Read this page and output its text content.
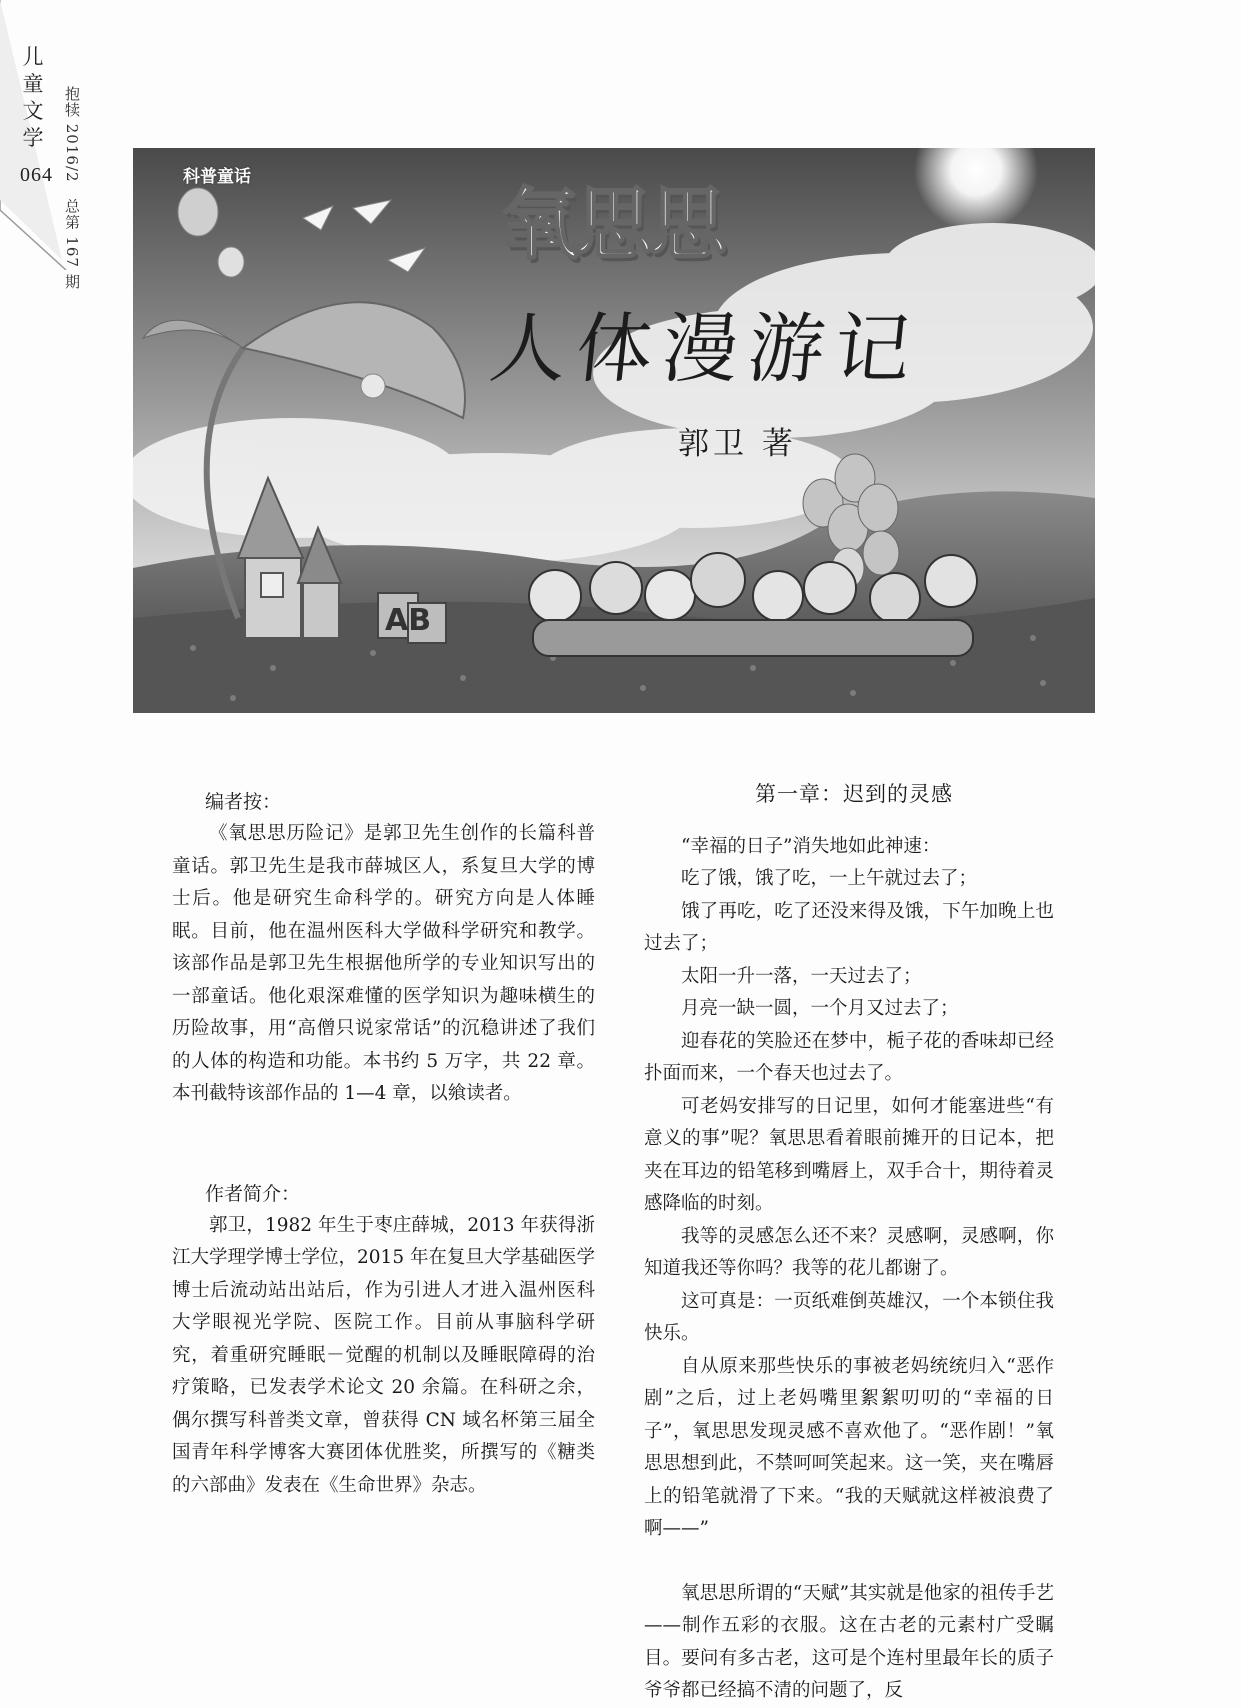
儿童文学
064 抱犊 2016/2总第 167 期
AB
科普童话
氧思思
人体漫游记
郭卫 著
编者按：

《氧思思历险记》是郭卫先生创作的长篇科普童话。郭卫先生是我市薛城区人，系复旦大学的博士后。他是研究生命科学的。研究方向是人体睡眠。目前，他在温州医科大学做科学研究和教学。该部作品是郭卫先生根据他所学的专业知识写出的一部童话。他化艰深难懂的医学知识为趣味横生的历险故事，用“高僧只说家常话”的沉稳讲述了我们的人体的构造和功能。本书约 5 万字，共 22 章。本刊截特该部作品的 1—4 章，以飨读者。

作者简介：

郭卫，1982 年生于枣庄薛城，2013 年获得浙江大学理学博士学位，2015 年在复旦大学基础医学博士后流动站出站后，作为引进人才进入温州医科大学眼视光学院、医院工作。目前从事脑科学研究，着重研究睡眠－觉醒的机制以及睡眠障碍的治疗策略，已发表学术论文 20 余篇。在科研之余，偶尔撰写科普类文章，曾获得 CN 域名杯第三届全国青年科学博客大赛团体优胜奖，所撰写的《糖类的六部曲》发表在《生命世界》杂志。

第一章：迟到的灵感

“幸福的日子”消失地如此神速：

吃了饿，饿了吃，一上午就过去了；

饿了再吃，吃了还没来得及饿，下午加晚上也过去了；

太阳一升一落，一天过去了；

月亮一缺一圆，一个月又过去了；

迎春花的笑脸还在梦中，栀子花的香味却已经扑面而来，一个春天也过去了。

可老妈安排写的日记里，如何才能塞进些“有意义的事”呢？氧思思看着眼前摊开的日记本，把夹在耳边的铅笔移到嘴唇上，双手合十，期待着灵感降临的时刻。

我等的灵感怎么还不来？灵感啊，灵感啊，你知道我还等你吗？我等的花儿都谢了。

这可真是：一页纸难倒英雄汉，一个本锁住我快乐。

自从原来那些快乐的事被老妈统统归入“恶作剧”之后，过上老妈嘴里絮絮叨叨的“幸福的日子”，氧思思发现灵感不喜欢他了。“恶作剧！”氧思思想到此，不禁呵呵笑起来。这一笑，夹在嘴唇上的铅笔就滑了下来。“我的天赋就这样被浪费了啊——”

氧思思所谓的“天赋”其实就是他家的祖传手艺——制作五彩的衣服。这在古老的元素村广受瞩目。要问有多古老，这可是个连村里最年长的质子爷爷都已经搞不清的问题了，反
